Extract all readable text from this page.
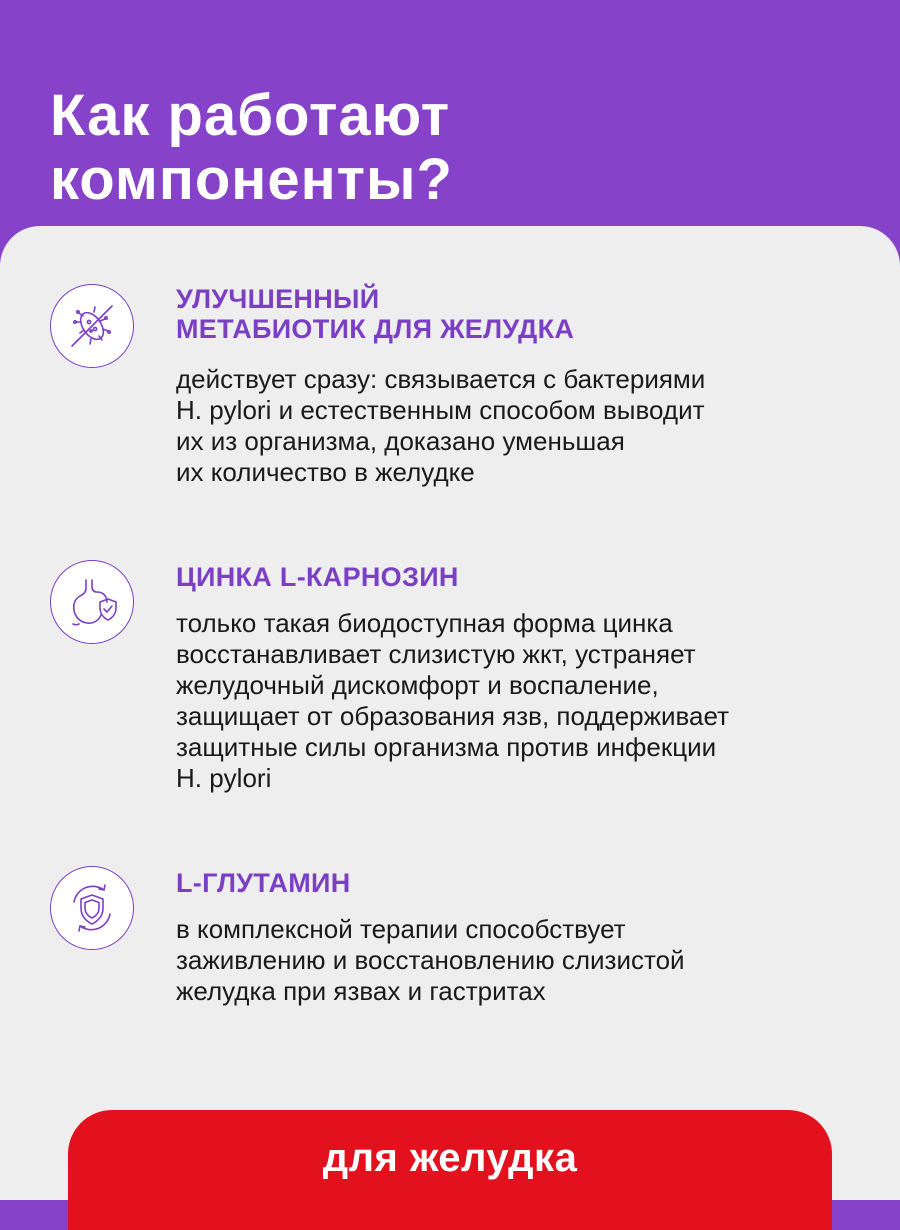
Как работают
компоненты?
УЛУЧШЕННЫЙ
МЕТАБИОТИК ДЛЯ ЖЕЛУДКА

действует сразу: связывается с бактериями
H. pylori и естественным способом выводит
их из организма, доказано уменьшая
их количество в желудке

ЦИНКА L-КАРНОЗИН

только такая биодоступная форма цинка
восстанавливает слизистую жкт, устраняет
желудочный дискомфорт и воспаление,
защищает от образования язв, поддерживает
защитные силы организма против инфекции
H. pylori

L-ГЛУТАМИН

в комплексной терапии способствует
заживлению и восстановлению слизистой
желудка при язвах и гастритах

для желудка
